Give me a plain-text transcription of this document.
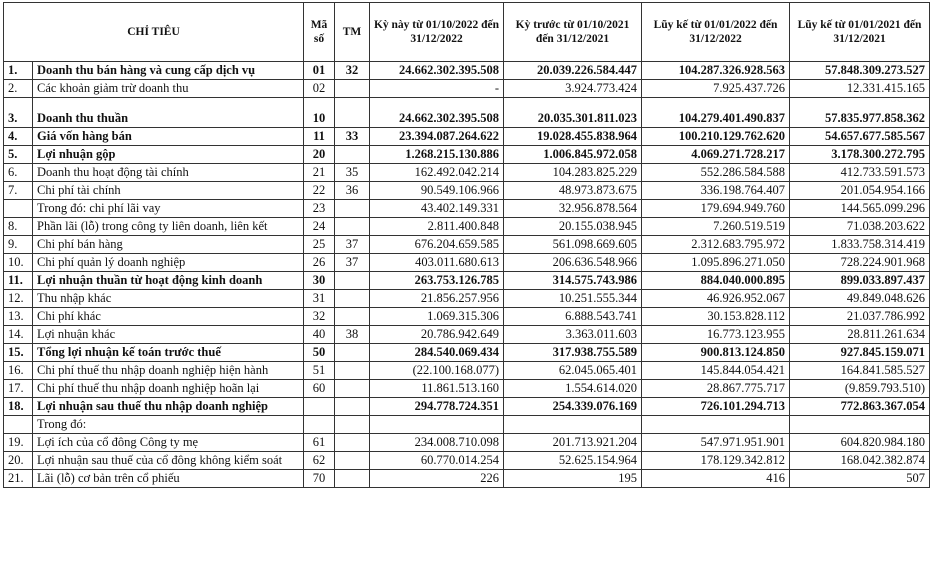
CHỈ TIÊU		Mã số	TM	Kỳ này từ 01/10/2022 đến 31/12/2022	Kỳ trước từ 01/10/2021 đến 31/12/2021	Lũy kế từ 01/01/2022 đến 31/12/2022	Lũy kế từ 01/01/2021 đến 31/12/2021
1.	Doanh thu bán hàng và cung cấp dịch vụ	01	32	24.662.302.395.508	20.039.226.584.447	104.287.326.928.563	57.848.309.273.527
2.	Các khoản giảm trừ doanh thu	02		-	3.924.773.424	7.925.437.726	12.331.415.165
3.	Doanh thu thuần	10		24.662.302.395.508	20.035.301.811.023	104.279.401.490.837	57.835.977.858.362
4.	Giá vốn hàng bán	11	33	23.394.087.264.622	19.028.455.838.964	100.210.129.762.620	54.657.677.585.567
5.	Lợi nhuận gộp	20		1.268.215.130.886	1.006.845.972.058	4.069.271.728.217	3.178.300.272.795
6.	Doanh thu hoạt động tài chính	21	35	162.492.042.214	104.283.825.229	552.286.584.588	412.733.591.573
7.	Chi phí tài chính	22	36	90.549.106.966	48.973.873.675	336.198.764.407	201.054.954.166
	Trong đó: chi phí lãi vay	23		43.402.149.331	32.956.878.564	179.694.949.760	144.565.099.296
8.	Phần lãi (lỗ) trong công ty liên doanh, liên kết	24		2.811.400.848	20.155.038.945	7.260.519.519	71.038.203.622
9.	Chi phí bán hàng	25	37	676.204.659.585	561.098.669.605	2.312.683.795.972	1.833.758.314.419
10.	Chi phí quản lý doanh nghiệp	26	37	403.011.680.613	206.636.548.966	1.095.896.271.050	728.224.901.968
11.	Lợi nhuận thuần từ hoạt động kinh doanh	30		263.753.126.785	314.575.743.986	884.040.000.895	899.033.897.437
12.	Thu nhập khác	31		21.856.257.956	10.251.555.344	46.926.952.067	49.849.048.626
13.	Chi phí khác	32		1.069.315.306	6.888.543.741	30.153.828.112	21.037.786.992
14.	Lợi nhuận khác	40	38	20.786.942.649	3.363.011.603	16.773.123.955	28.811.261.634
15.	Tổng lợi nhuận kế toán trước thuế	50		284.540.069.434	317.938.755.589	900.813.124.850	927.845.159.071
16.	Chi phí thuế thu nhập doanh nghiệp hiện hành	51		(22.100.168.077)	62.045.065.401	145.844.054.421	164.841.585.527
17.	Chi phí thuế thu nhập doanh nghiệp hoãn lại	60		11.861.513.160	1.554.614.020	28.867.775.717	(9.859.793.510)
18.	Lợi nhuận sau thuế thu nhập doanh nghiệp			294.778.724.351	254.339.076.169	726.101.294.713	772.863.367.054
	Trong đó:						
19.	Lợi ích của cổ đông Công ty mẹ	61		234.008.710.098	201.713.921.204	547.971.951.901	604.820.984.180
20.	Lợi nhuận sau thuế của cổ đông không kiểm soát	62		60.770.014.254	52.625.154.964	178.129.342.812	168.042.382.874
21.	Lãi (lỗ) cơ bản trên cổ phiếu	70		226	195	416	507
